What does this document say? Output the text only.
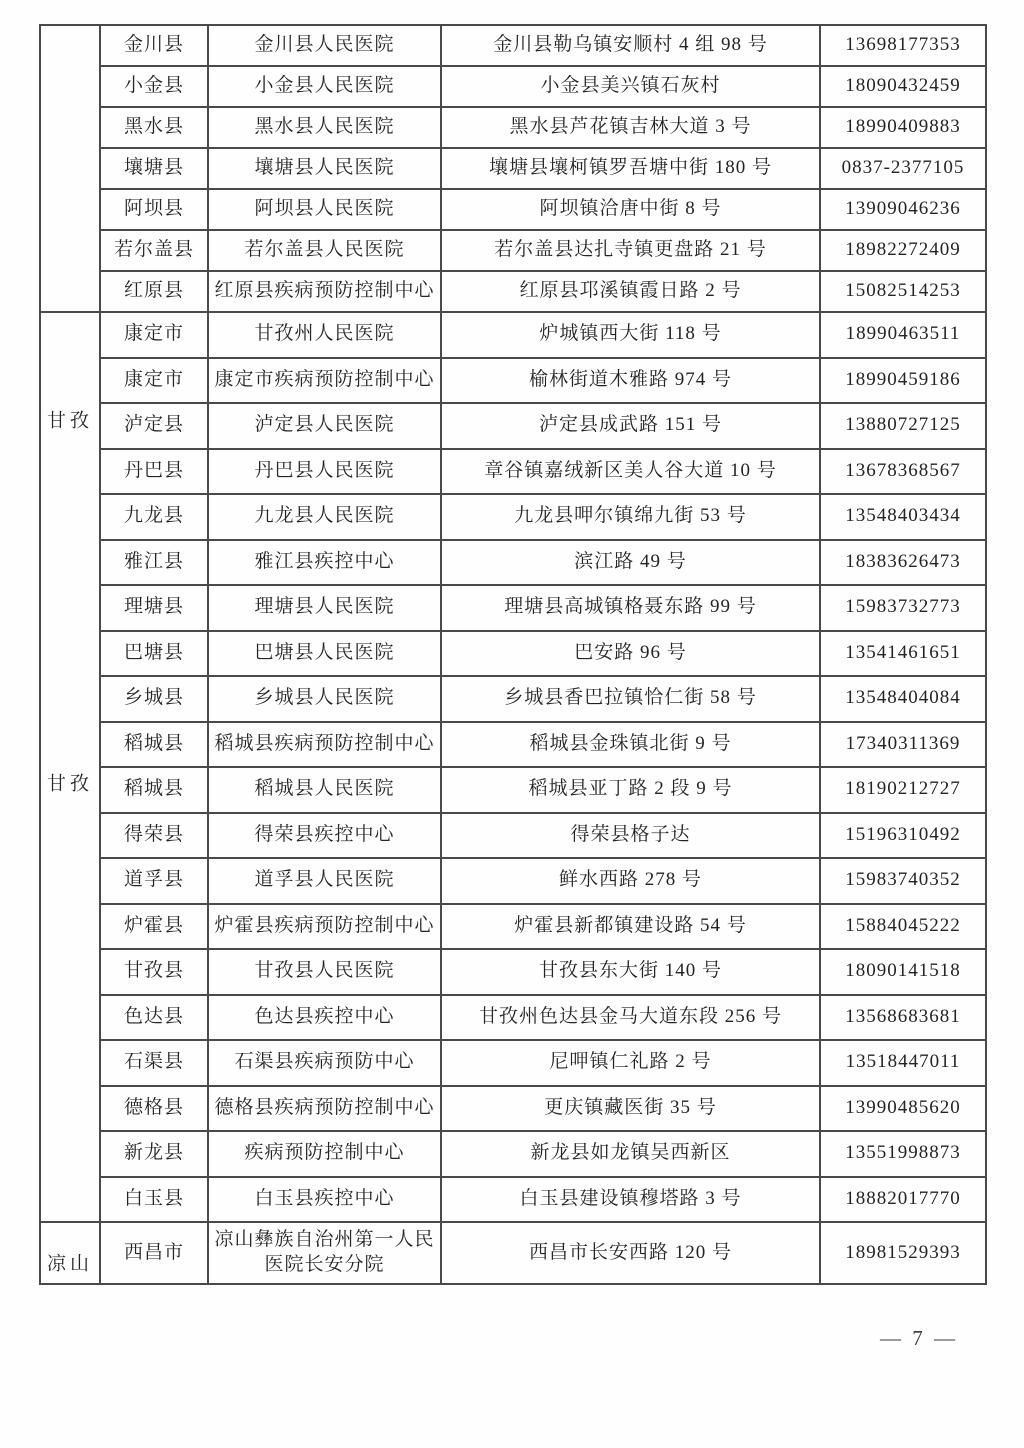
	金川县	金川县人民医院	金川县勒乌镇安顺村 4 组 98 号	13698177353
	小金县	小金县人民医院	小金县美兴镇石灰村	18090432459
	黑水县	黑水县人民医院	黑水县芦花镇吉林大道 3 号	18990409883
	壤塘县	壤塘县人民医院	壤塘县壤柯镇罗吾塘中街 180 号	0837-2377105
	阿坝县	阿坝县人民医院	阿坝镇洽唐中街 8 号	13909046236
	若尔盖县	若尔盖县人民医院	若尔盖县达扎寺镇更盘路 21 号	18982272409
	红原县	红原县疾病预防控制中心	红原县邛溪镇霞日路 2 号	15082514253

甘孜
甘孜	康定市	甘孜州人民医院	炉城镇西大街 118 号	18990463511
	康定市	康定市疾病预防控制中心	榆林街道木雅路 974 号	18990459186
	泸定县	泸定县人民医院	泸定县成武路 151 号	13880727125
	丹巴县	丹巴县人民医院	章谷镇嘉绒新区美人谷大道 10 号	13678368567
	九龙县	九龙县人民医院	九龙县呷尔镇绵九街 53 号	13548403434
	雅江县	雅江县疾控中心	滨江路 49 号	18383626473
	理塘县	理塘县人民医院	理塘县高城镇格聂东路 99 号	15983732773
	巴塘县	巴塘县人民医院	巴安路 96 号	13541461651
	乡城县	乡城县人民医院	乡城县香巴拉镇恰仁街 58 号	13548404084
	稻城县	稻城县疾病预防控制中心	稻城县金珠镇北街 9 号	17340311369
	稻城县	稻城县人民医院	稻城县亚丁路 2 段 9 号	18190212727
	得荣县	得荣县疾控中心	得荣县格子达	15196310492
	道孚县	道孚县人民医院	鲜水西路 278 号	15983740352
	炉霍县	炉霍县疾病预防控制中心	炉霍县新都镇建设路 54 号	15884045222
	甘孜县	甘孜县人民医院	甘孜县东大街 140 号	18090141518
	色达县	色达县疾控中心	甘孜州色达县金马大道东段 256 号	13568683681
	石渠县	石渠县疾病预防中心	尼呷镇仁礼路 2 号	13518447011
	德格县	德格县疾病预防控制中心	更庆镇藏医街 35 号	13990485620
	新龙县	疾病预防控制中心	新龙县如龙镇吴西新区	13551998873
	白玉县	白玉县疾控中心	白玉县建设镇穆塔路 3 号	18882017770

凉山	西昌市	凉山彝族自治州第一人民医院长安分院	西昌市长安西路 120 号	18981529393
— 7 —
